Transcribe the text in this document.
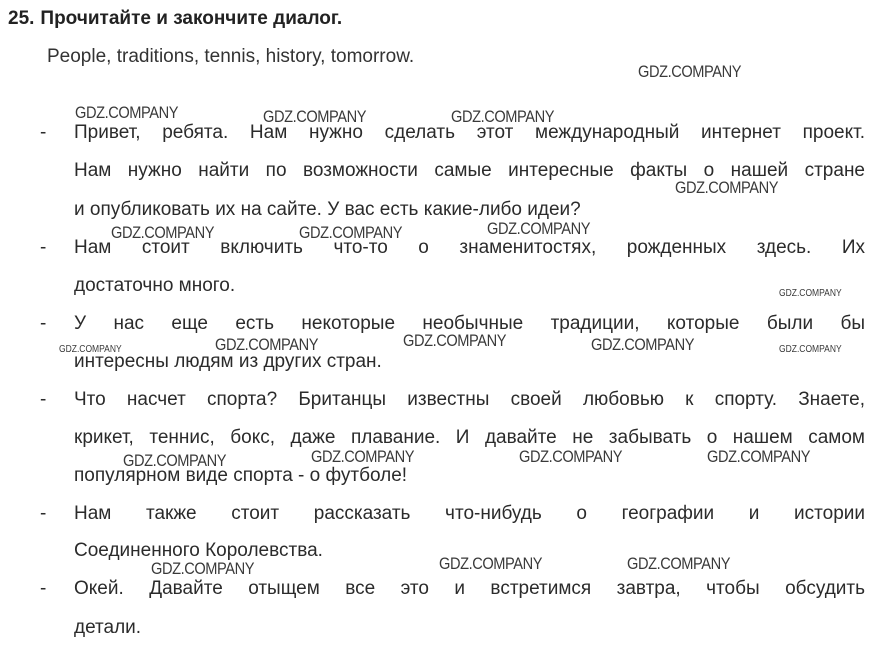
25. Прочитайте и закончите диалог.
People, traditions, tennis, history, tomorrow.
- Привет, ребята. Нам нужно сделать этот международный интернет проект.
Нам нужно найти по возможности самые интересные факты о нашей стране
и опубликовать их на сайте. У вас есть какие-либо идеи?
- Нам стоит включить что-то о знаменитостях, рожденных здесь. Их
достаточно много.
- У нас еще есть некоторые необычные традиции, которые были бы
интересны людям из других стран.
- Что насчет спорта? Британцы известны своей любовью к спорту. Знаете,
крикет, теннис, бокс, даже плавание. И давайте не забывать о нашем самом
популярном виде спорта - о футболе!
- Нам также стоит рассказать что-нибудь о географии и истории
Соединенного Королевства.
- Окей. Давайте отыщем все это и встретимся завтра, чтобы обсудить
детали.
GDZ.COMPANY
GDZ.COMPANY	GDZ.COMPANY	GDZ.COMPANY
GDZ.COMPANY
GDZ.COMPANY	GDZ.COMPANY	GDZ.COMPANY
GDZ.COMPANY
GDZ.COMPANY	GDZ.COMPANY	GDZ.COMPANY
GDZ.COMPANY	GDZ.COMPANY
GDZ.COMPANY	GDZ.COMPANY	GDZ.COMPANY	GDZ.COMPANY
GDZ.COMPANY	GDZ.COMPANY
GDZ.COMPANY
